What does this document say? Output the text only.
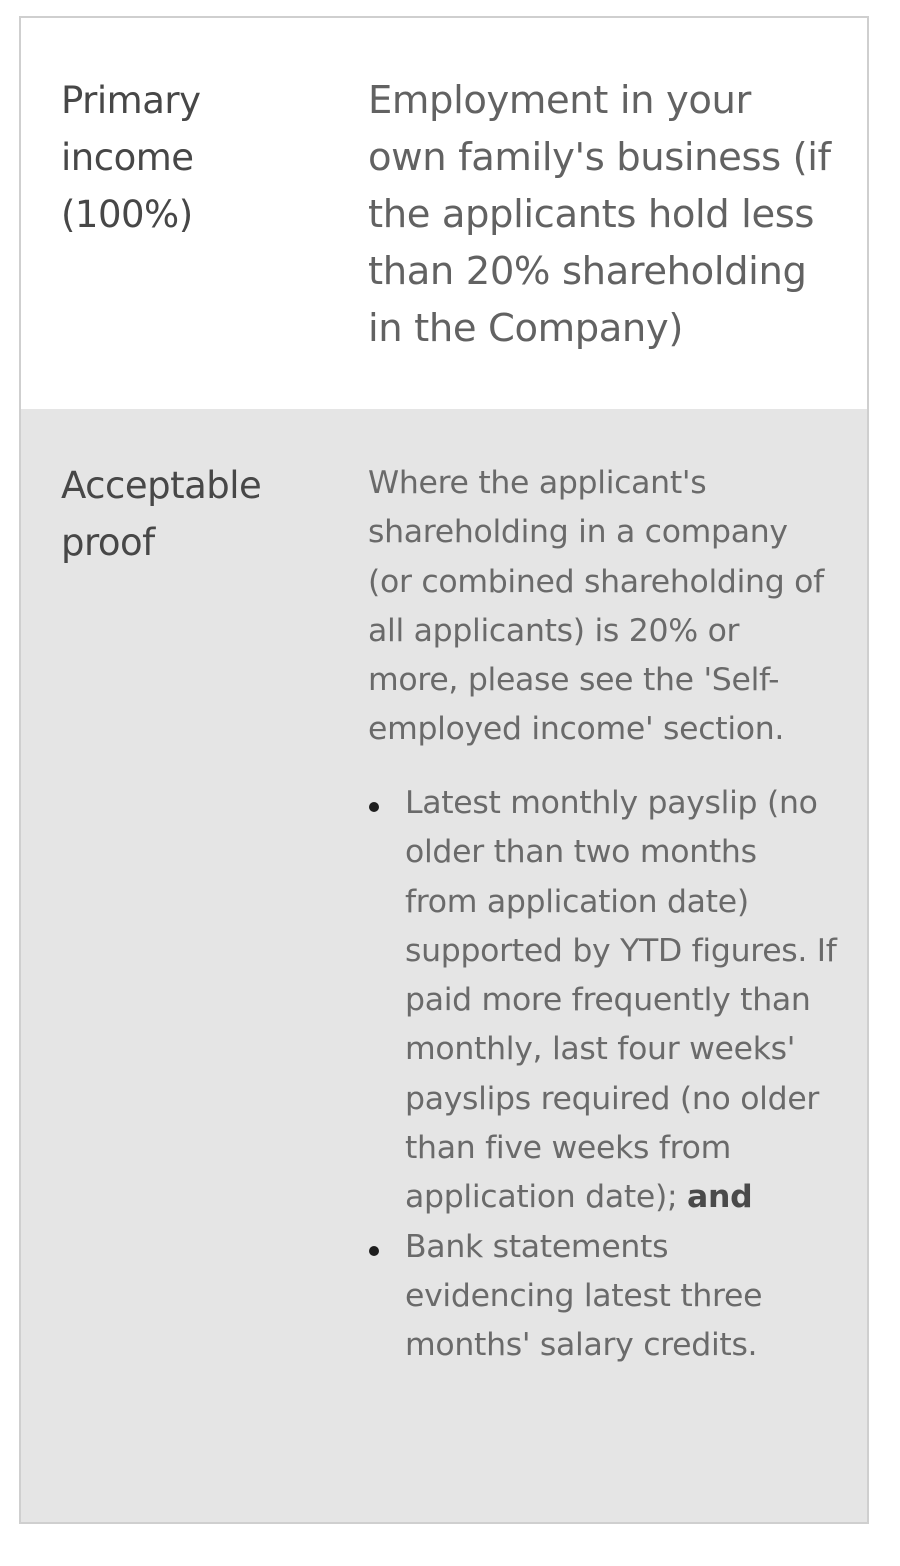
Primary income (100%)
Employment in your own family's business (if the applicants hold less than 20% shareholding in the Company)
Acceptable proof

Where the applicant's shareholding in a company (or combined shareholding of all applicants) is 20% or more, please see the 'Self-employed income' section.

Latest monthly payslip (no older than two months from application date) supported by YTD figures. If paid more frequently than monthly, last four weeks' payslips required (no older than five weeks from application date); and
Bank statements evidencing latest three months' salary credits.
